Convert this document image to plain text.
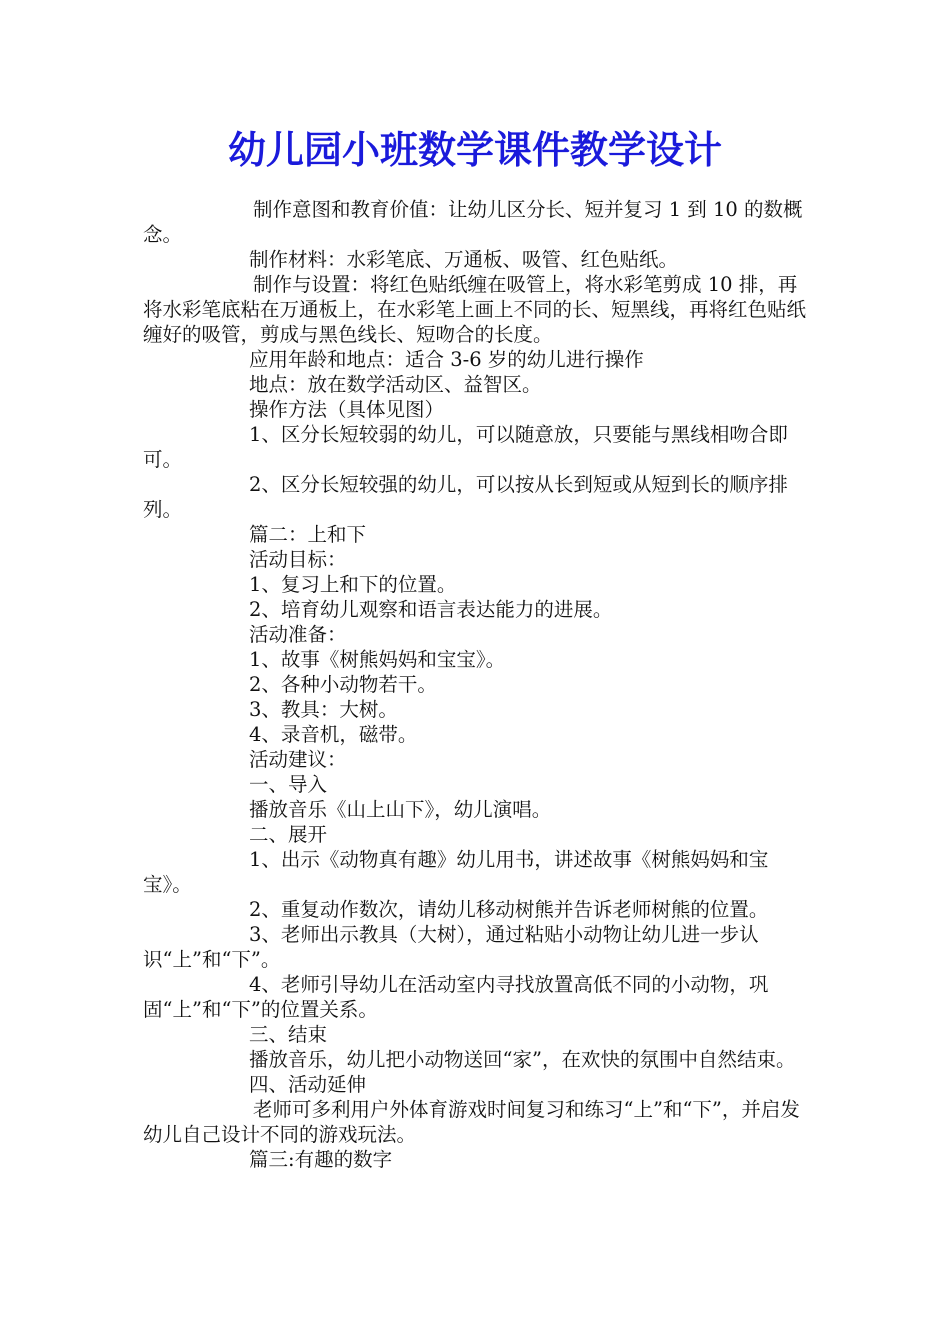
幼儿园小班数学课件教学设计

制作意图和教育价值：让幼儿区分长、短并复习 1 到 10 的数概念。

制作材料：水彩笔底、万通板、吸管、红色贴纸。

制作与设置：将红色贴纸缠在吸管上，将水彩笔剪成 10 排，再将水彩笔底粘在万通板上，在水彩笔上画上不同的长、短黑线，再将红色贴纸缠好的吸管，剪成与黑色线长、短吻合的长度。

应用年龄和地点：适合 3-6 岁的幼儿进行操作

地点：放在数学活动区、益智区。

操作方法（具体见图）

1、区分长短较弱的幼儿，可以随意放，只要能与黑线相吻合即可。

2、区分长短较强的幼儿，可以按从长到短或从短到长的顺序排列。

篇二：上和下

活动目标：

1、复习上和下的位置。

2、培育幼儿观察和语言表达能力的进展。

活动准备：

1、故事《树熊妈妈和宝宝》。

2、各种小动物若干。

3、教具：大树。

4、录音机，磁带。

活动建议：

一、导入

播放音乐《山上山下》，幼儿演唱。

二、展开

1、出示《动物真有趣》幼儿用书，讲述故事《树熊妈妈和宝宝》。

2、重复动作数次，请幼儿移动树熊并告诉老师树熊的位置。

3、老师出示教具（大树），通过粘贴小动物让幼儿进一步认识“上”和“下”。

4、老师引导幼儿在活动室内寻找放置高低不同的小动物，巩固“上”和“下”的位置关系。

三、结束

播放音乐，幼儿把小动物送回“家”，在欢快的氛围中自然结束。

四、活动延伸

老师可多利用户外体育游戏时间复习和练习“上”和“下”，并启发幼儿自己设计不同的游戏玩法。

篇三:有趣的数字
